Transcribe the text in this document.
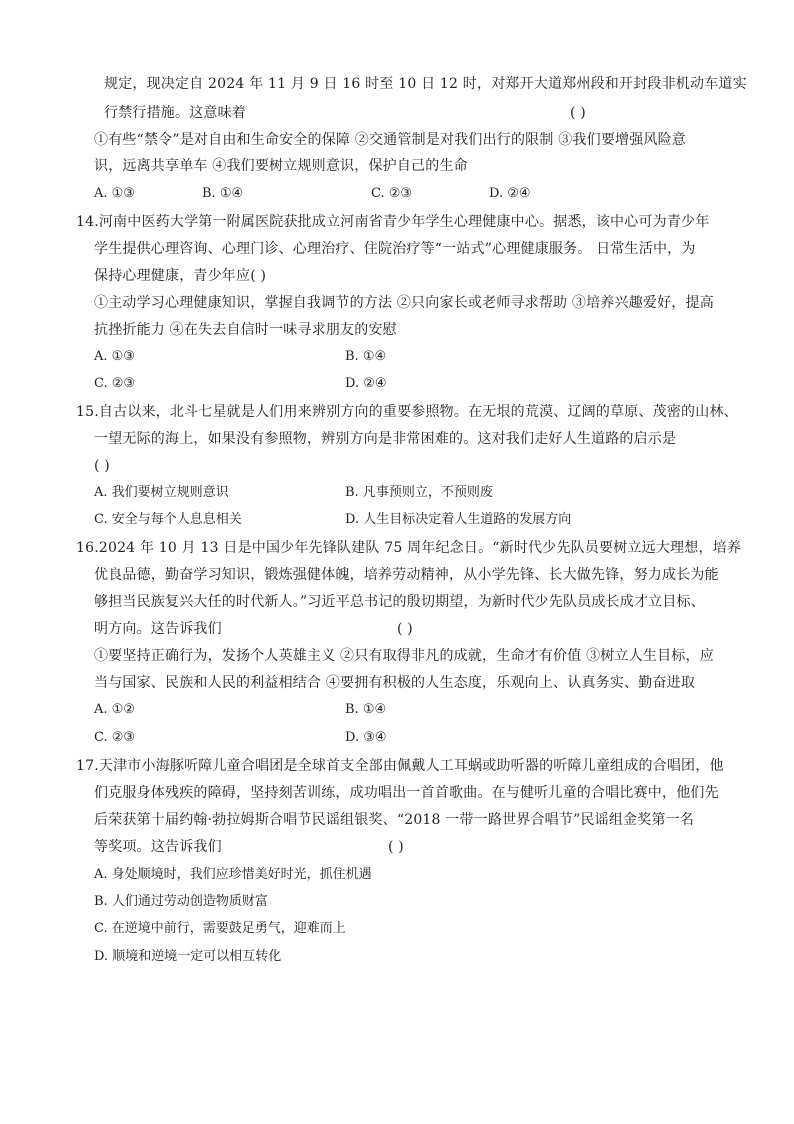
规定，现决定自 2024 年 11 月 9 日 16 时至 10 日 12 时，对郑开大道郑州段和开封段非机动车道实
行禁行措施。这意味着	( )
①有些“禁令”是对自由和生命安全的保障 ②交通管制是对我们出行的限制 ③我们要增强风险意
识，远离共享单车 ④我们要树立规则意识，保护自己的生命
A. ①③	B. ①④	C. ②③	D. ②④
14.河南中医药大学第一附属医院获批成立河南省青少年学生心理健康中心。据悉，该中心可为青少年
学生提供心理咨询、心理门诊、心理治疗、住院治疗等“一站式”心理健康服务。 日常生活中，为
保持心理健康，青少年应( )
①主动学习心理健康知识，掌握自我调节的方法 ②只向家长或老师寻求帮助 ③培养兴趣爱好，提高
抗挫折能力 ④在失去自信时一味寻求朋友的安慰
A. ①③	B. ①④
C. ②③	D. ②④
15.自古以来，北斗七星就是人们用来辨别方向的重要参照物。在无垠的荒漠、辽阔的草原、茂密的山林、
一望无际的海上，如果没有参照物，辨别方向是非常困难的。这对我们走好人生道路的启示是
( )
A. 我们要树立规则意识	B. 凡事预则立，不预则废
C. 安全与每个人息息相关	D. 人生目标决定着人生道路的发展方向
16.2024 年 10 月 13 日是中国少年先锋队建队 75 周年纪念日。“新时代少先队员要树立远大理想，培养
优良品德，勤奋学习知识，锻炼强健体魄，培养劳动精神，从小学先锋、长大做先锋，努力成长为能
够担当民族复兴大任的时代新人。”习近平总书记的殷切期望，为新时代少先队员成长成才立目标、
明方向。这告诉我们	( )
①要坚持正确行为，发扬个人英雄主义 ②只有取得非凡的成就，生命才有价值 ③树立人生目标，应
当与国家、民族和人民的利益相结合 ④要拥有积极的人生态度，乐观向上、认真务实、勤奋进取
A. ①②	B. ①④
C. ②③	D. ③④
17.天津市小海豚听障儿童合唱团是全球首支全部由佩戴人工耳蜗或助听器的听障儿童组成的合唱团，他
们克服身体残疾的障碍，坚持刻苦训练，成功唱出一首首歌曲。在与健听儿童的合唱比赛中，他们先
后荣获第十届约翰·勃拉姆斯合唱节民谣组银奖、“2018 一带一路世界合唱节”民谣组金奖第一名
等奖项。这告诉我们	( )
A. 身处顺境时，我们应珍惜美好时光，抓住机遇
B. 人们通过劳动创造物质财富
C. 在逆境中前行，需要鼓足勇气，迎难而上
D. 顺境和逆境一定可以相互转化
